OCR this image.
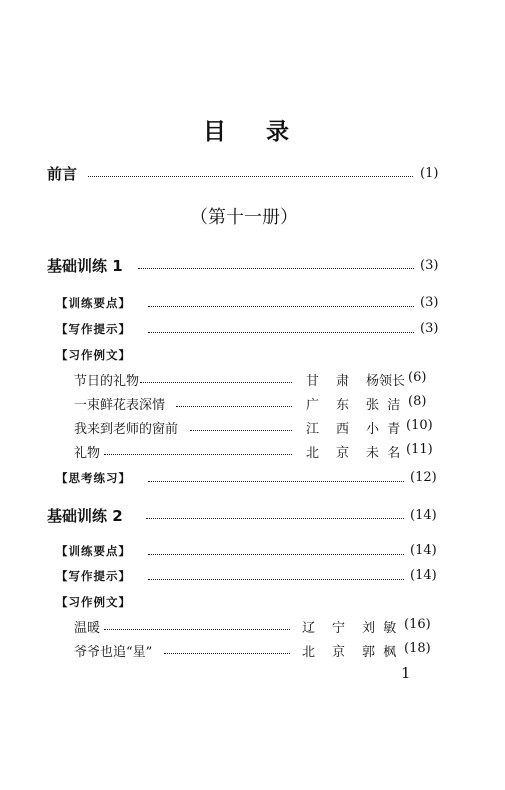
目 录
前言	(1)
（第十一册）
基础训练 1	(3)
【训练要点】	(3)
【写作提示】	(3)
【习作例文】
节日的礼物	甘 肃 杨领长 (6)
一束鲜花表深情	广 东 张  洁 (8)
我来到老师的窗前	江 西 小  青 (10)
礼物	北 京 未  名 (11)
【思考练习】	(12)
基础训练 2	(14)
【训练要点】	(14)
【写作提示】	(14)
【习作例文】
温暖	辽 宁 刘  敏 (16)
爷爷也追“星”	北 京 郭  枫 (18)
1
